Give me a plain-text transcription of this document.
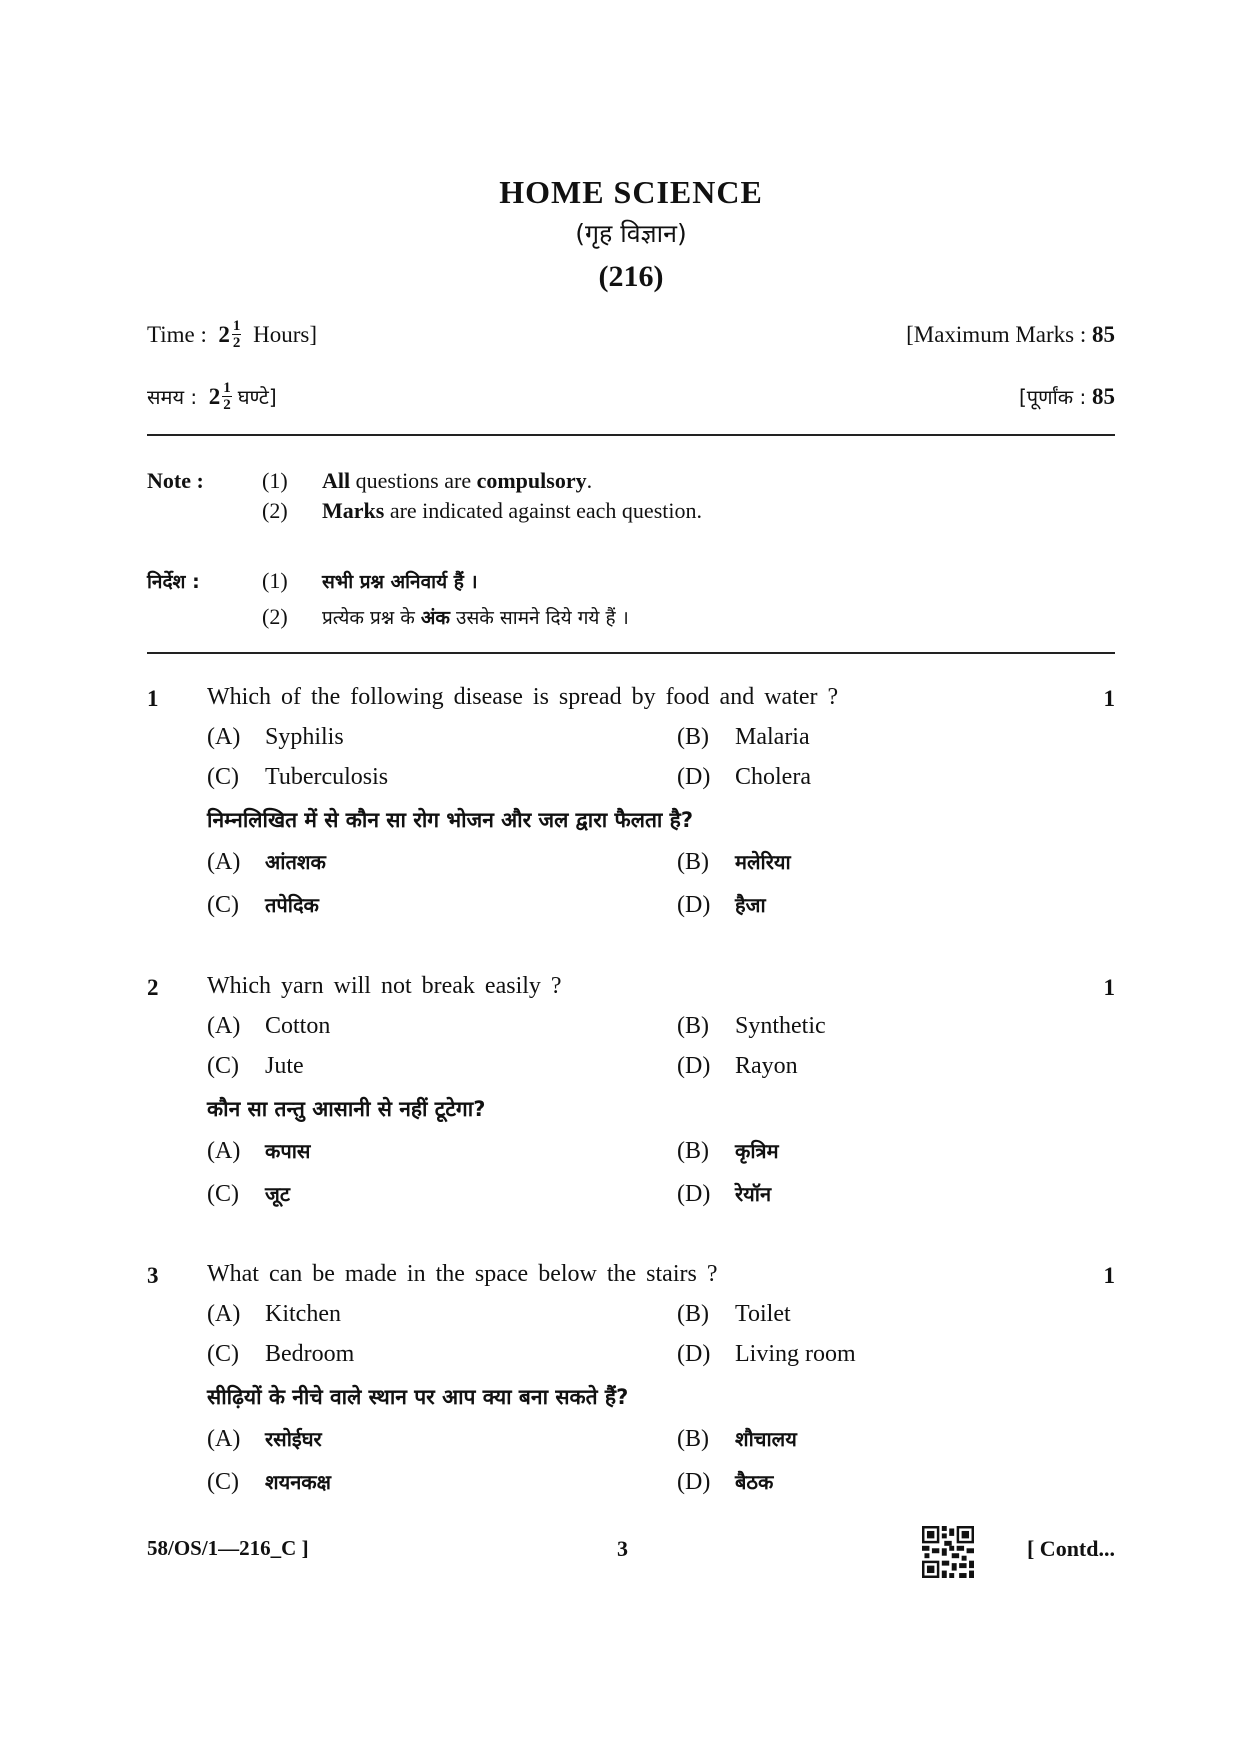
HOME SCIENCE
(गृह विज्ञान)
(216)
Time :
$2 \frac{1}{2}$
Hours]	[Maximum Marks :
85
समय :
$2 \frac{1}{2}$ घण्टे]	[पूर्णांक :
85
Note :	(1) All questions are compulsory.
(2) Marks are indicated against each question.
निर्देश :	(1) सभी प्रश्न अनिवार्य हैं ।
(2) प्रत्येक प्रश्न के अंक उसके सामने दिये गये हैं ।
1 Which of the following disease is spread by food and water ?	1
(A) Syphilis	(B) Malaria
(C) Tuberculosis	(D) Cholera
निम्नलिखित में से कौन सा रोग भोजन और जल द्वारा फैलता है?
(A) आंतशक	(B) मलेरिया
(C) तपेदिक	(D) हैजा
2 Which yarn will not break easily ?	1
(A) Cotton	(B) Synthetic
(C) Jute	(D) Rayon
कौन सा तन्तु आसानी से नहीं टूटेगा?
(A) कपास	(B) कृत्रिम
(C) जूट	(D) रेयॉन
3 What can be made in the space below the stairs ?	1
(A) Kitchen	(B) Toilet
(C) Bedroom	(D) Living room
सीढ़ियों के नीचे वाले स्थान पर आप क्या बना सकते हैं?
(A) रसोईघर	(B) शौचालय
(C) शयनकक्ष	(D) बैठक
58/OS/1—216_C ]	3	[ Contd...
